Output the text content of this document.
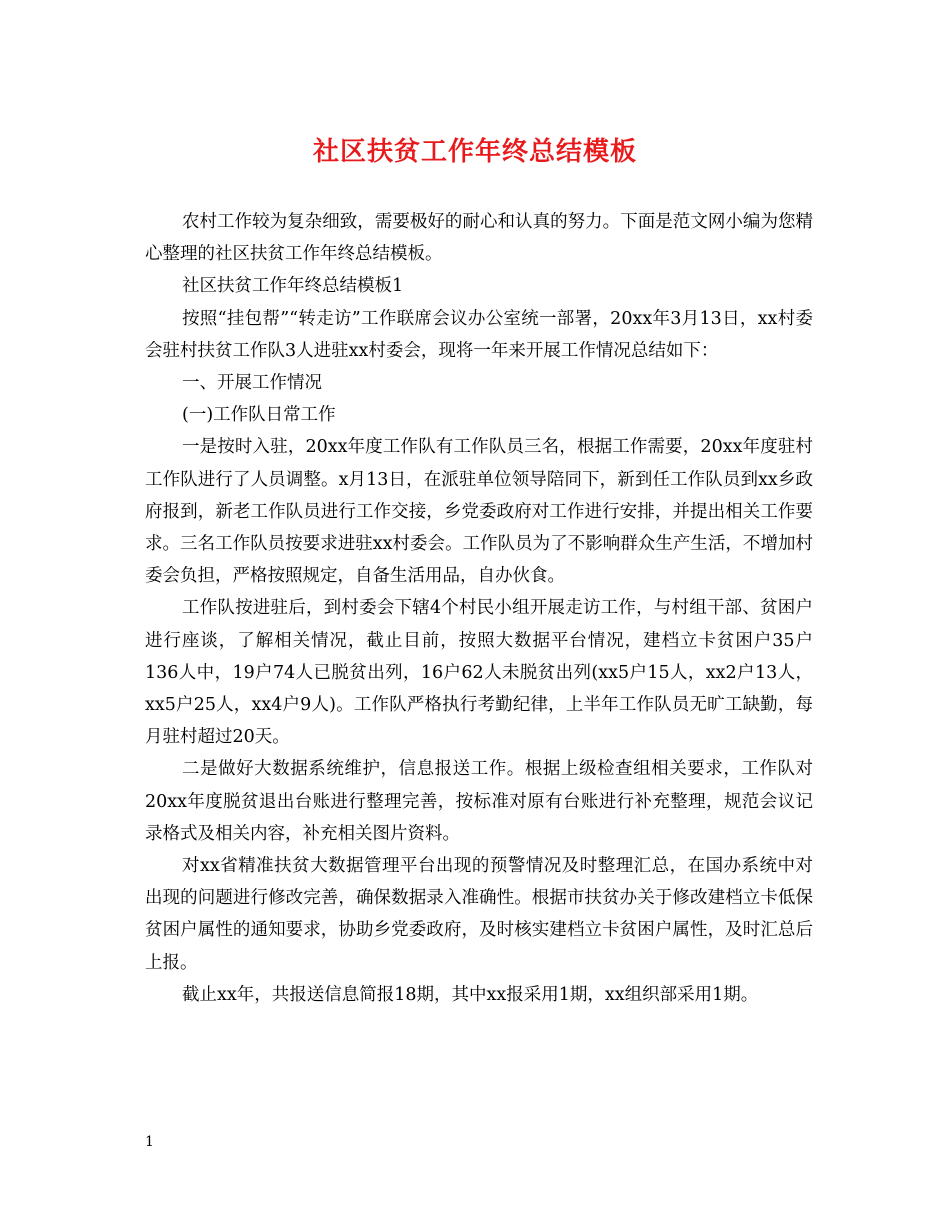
社区扶贫工作年终总结模板

农村工作较为复杂细致，需要极好的耐心和认真的努力。下面是范文网小编为您精心整理的社区扶贫工作年终总结模板。

社区扶贫工作年终总结模板1

按照“挂包帮”“转走访”工作联席会议办公室统一部署，20xx年3月13日，xx村委会驻村扶贫工作队3人进驻xx村委会，现将一年来开展工作情况总结如下：

一、开展工作情况

(一)工作队日常工作

一是按时入驻，20xx年度工作队有工作队员三名，根据工作需要，20xx年度驻村工作队进行了人员调整。x月13日，在派驻单位领导陪同下，新到任工作队员到xx乡政府报到，新老工作队员进行工作交接，乡党委政府对工作进行安排，并提出相关工作要求。三名工作队员按要求进驻xx村委会。工作队员为了不影响群众生产生活，不增加村委会负担，严格按照规定，自备生活用品，自办伙食。

工作队按进驻后，到村委会下辖4个村民小组开展走访工作，与村组干部、贫困户进行座谈，了解相关情况，截止目前，按照大数据平台情况，建档立卡贫困户35户136人中，19户74人已脱贫出列，16户62人未脱贫出列(xx5户15人，xx2户13人，xx5户25人，xx4户9人)。工作队严格执行考勤纪律，上半年工作队员无旷工缺勤，每月驻村超过20天。

二是做好大数据系统维护，信息报送工作。根据上级检查组相关要求，工作队对20xx年度脱贫退出台账进行整理完善，按标准对原有台账进行补充整理，规范会议记录格式及相关内容，补充相关图片资料。

对xx省精准扶贫大数据管理平台出现的预警情况及时整理汇总，在国办系统中对出现的问题进行修改完善，确保数据录入准确性。根据市扶贫办关于修改建档立卡低保贫困户属性的通知要求，协助乡党委政府，及时核实建档立卡贫困户属性，及时汇总后上报。

截止xx年，共报送信息简报18期，其中xx报采用1期，xx组织部采用1期。

1
